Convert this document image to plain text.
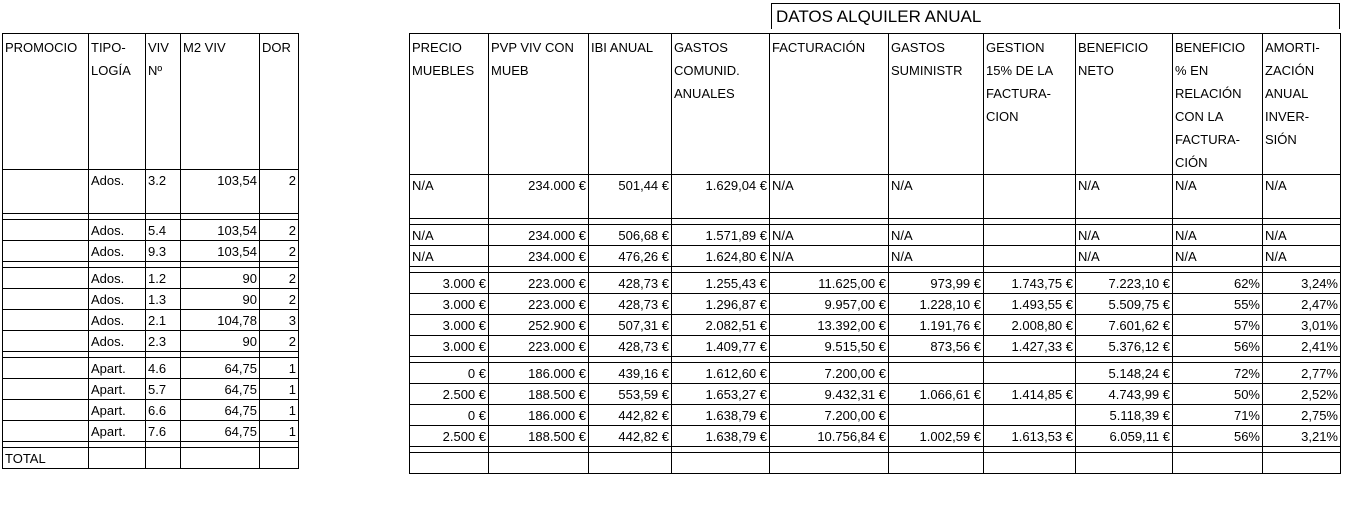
DATOS ALQUILER ANUAL
PROMOCIO	TIPO-LOGÍA	VIV Nº	M2 VIV	DOR
	Ados.	3.2	103,54	2

	Ados.	5.4	103,54	2
	Ados.	9.3	103,54	2

	Ados.	1.2	90	2
	Ados.	1.3	90	2
	Ados.	2.1	104,78	3
	Ados.	2.3	90	2

	Apart.	4.6	64,75	1
	Apart.	5.7	64,75	1
	Apart.	6.6	64,75	1
	Apart.	7.6	64,75	1

TOTAL				
PRECIO MUEBLES	PVP VIV CON MUEB	IBI ANUAL	GASTOS COMUNID. ANUALES	FACTURACIÓN	GASTOS SUMINISTR	GESTION 15% DE LA FACTURA-CION	BENEFICIO NETO	BENEFICIO % EN RELACIÓN CON LA FACTURA-CIÓN	AMORTI-ZACIÓN ANUAL INVER-SIÓN
N/A	234.000 €	501,44 €	1.629,04 €	N/A	N/A		N/A	N/A	N/A

N/A	234.000 €	506,68 €	1.571,89 €	N/A	N/A		N/A	N/A	N/A
N/A	234.000 €	476,26 €	1.624,80 €	N/A	N/A		N/A	N/A	N/A

3.000 €	223.000 €	428,73 €	1.255,43 €	11.625,00 €	973,99 €	1.743,75 €	7.223,10 €	62%	3,24%
3.000 €	223.000 €	428,73 €	1.296,87 €	9.957,00 €	1.228,10 €	1.493,55 €	5.509,75 €	55%	2,47%
3.000 €	252.900 €	507,31 €	2.082,51 €	13.392,00 €	1.191,76 €	2.008,80 €	7.601,62 €	57%	3,01%
3.000 €	223.000 €	428,73 €	1.409,77 €	9.515,50 €	873,56 €	1.427,33 €	5.376,12 €	56%	2,41%

0 €	186.000 €	439,16 €	1.612,60 €	7.200,00 €			5.148,24 €	72%	2,77%
2.500 €	188.500 €	553,59 €	1.653,27 €	9.432,31 €	1.066,61 €	1.414,85 €	4.743,99 €	50%	2,52%
0 €	186.000 €	442,82 €	1.638,79 €	7.200,00 €			5.118,39 €	71%	2,75%
2.500 €	188.500 €	442,82 €	1.638,79 €	10.756,84 €	1.002,59 €	1.613,53 €	6.059,11 €	56%	3,21%
